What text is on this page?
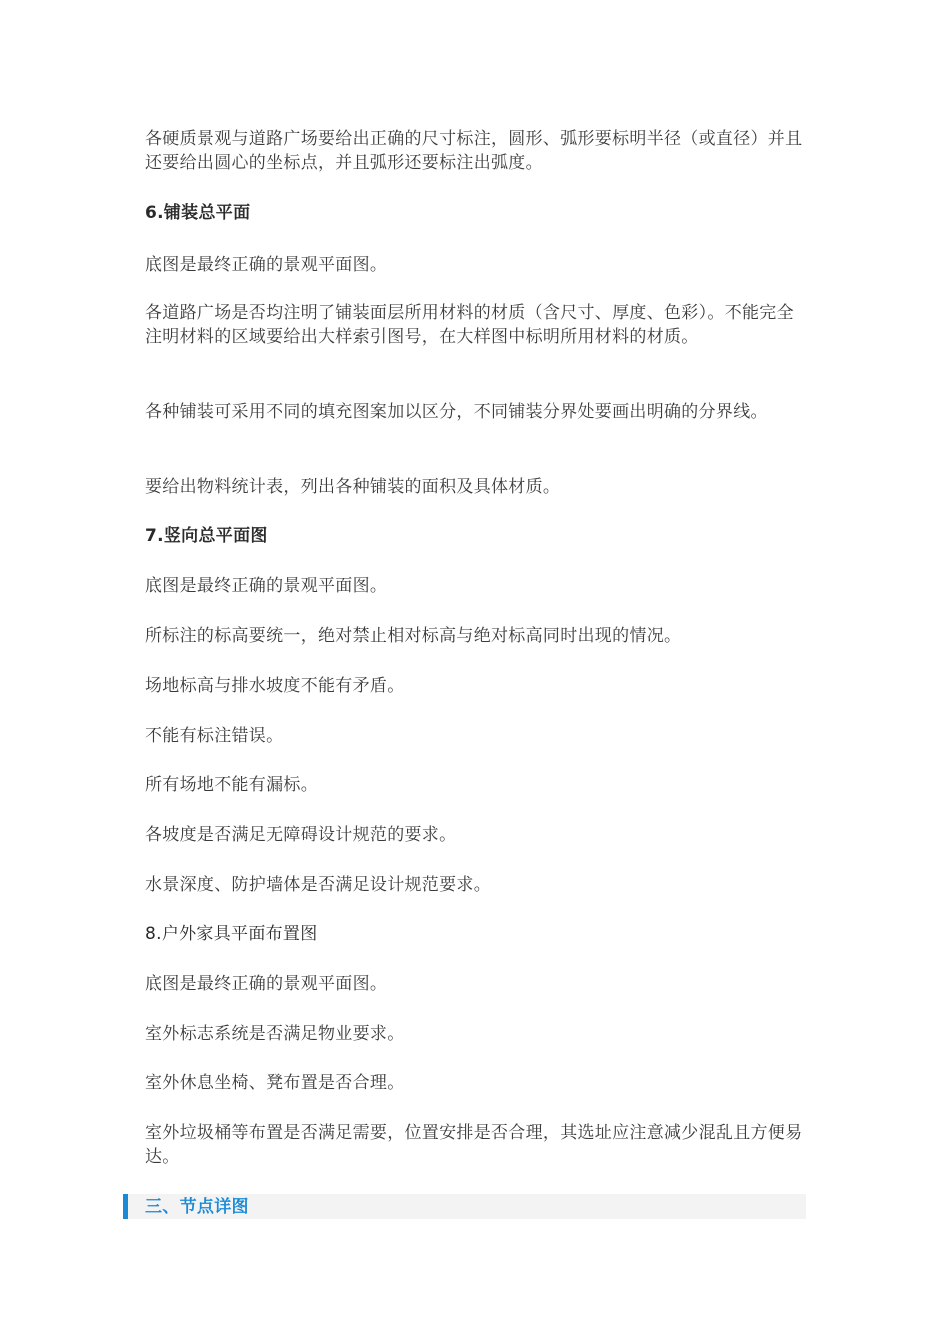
各硬质景观与道路广场要给出正确的尺寸标注，圆形、弧形要标明半径（或直径）并且还要给出圆心的坐标点，并且弧形还要标注出弧度。

6.铺装总平面

底图是最终正确的景观平面图。

各道路广场是否均注明了铺装面层所用材料的材质（含尺寸、厚度、色彩）。不能完全注明材料的区域要给出大样索引图号，在大样图中标明所用材料的材质。

各种铺装可采用不同的填充图案加以区分，不同铺装分界处要画出明确的分界线。

要给出物料统计表，列出各种铺装的面积及具体材质。

7.竖向总平面图

底图是最终正确的景观平面图。

所标注的标高要统一，绝对禁止相对标高与绝对标高同时出现的情况。

场地标高与排水坡度不能有矛盾。

不能有标注错误。

所有场地不能有漏标。

各坡度是否满足无障碍设计规范的要求。

水景深度、防护墙体是否满足设计规范要求。

8.户外家具平面布置图

底图是最终正确的景观平面图。

室外标志系统是否满足物业要求。

室外休息坐椅、凳布置是否合理。

室外垃圾桶等布置是否满足需要，位置安排是否合理，其选址应注意减少混乱且方便易达。

三、节点详图
